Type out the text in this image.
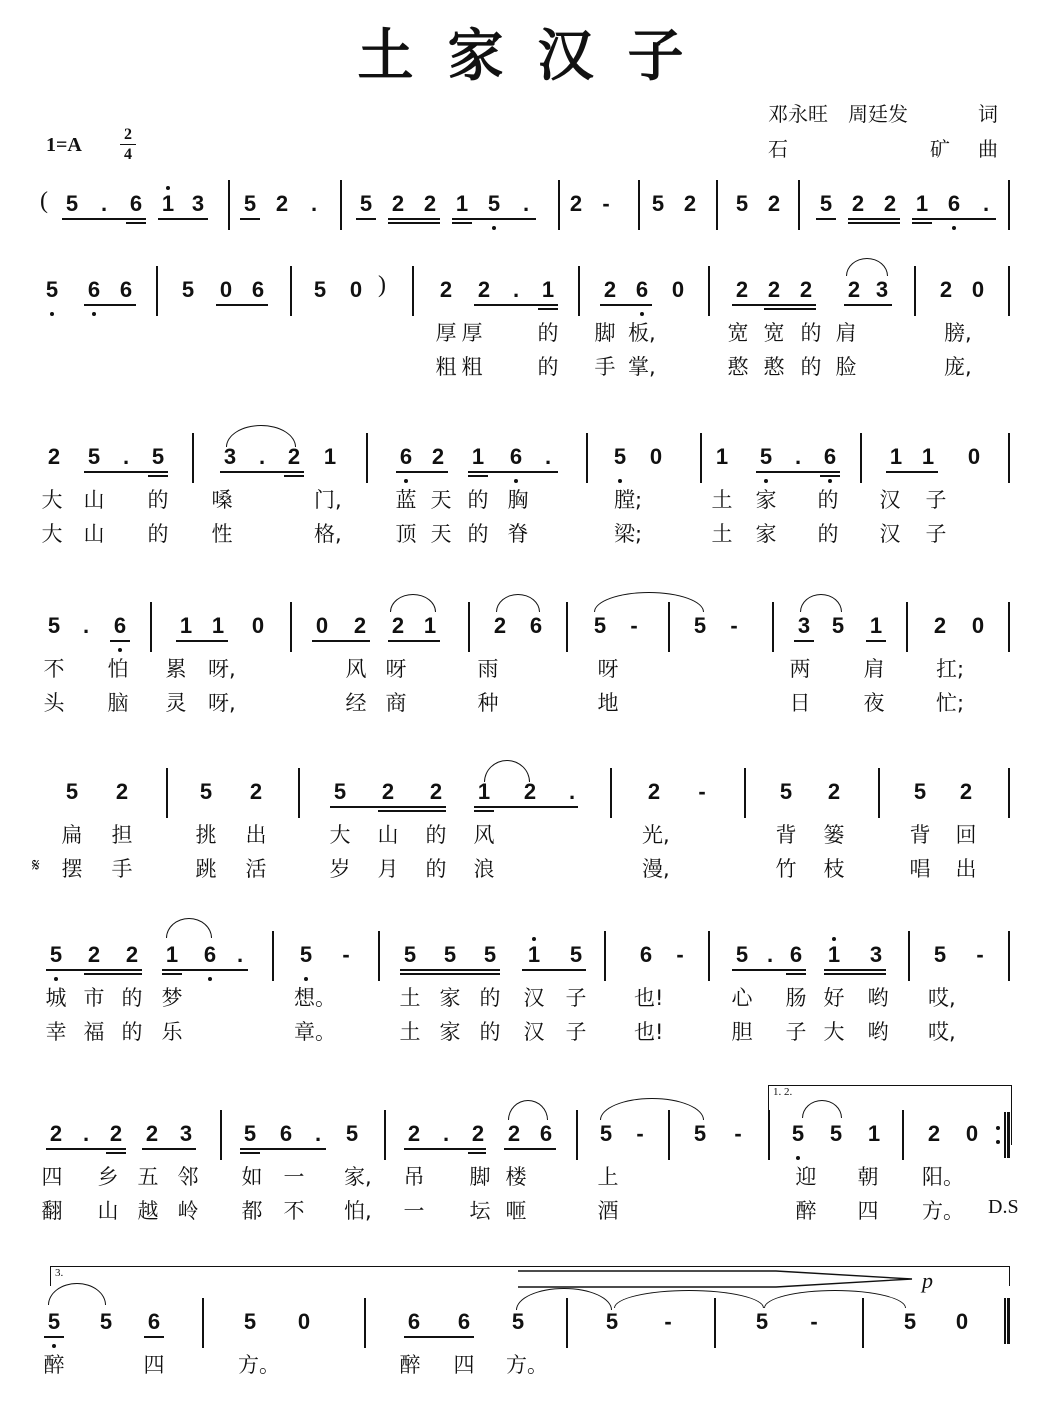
土家汉子
邓永旺　周廷发	词
石	矿 曲
1=A	2
4
5 . 6 1 3 5 2 . 5 2 2 1 5 . 2 - 5 2 5 2 5 2 2 1 6 .
5 6 6 5 0 6 5 0	2 2 . 1 2 6 0 2 2 2 2 3 2 0
厚 厚	的 脚 板,	宽 宽 的 肩	膀,
粗 粗	的 手 掌,	憨 憨 的 脸	庞,
2 5 . 5	3 . 2 1	6 2 1 6 .	5 0 1 5 . 6 1 1 0
大 山 的 嗓	门,	蓝 天 的 胸	膛;	土 家 的 汉 子
大 山 的 性	格,	顶 天 的 脊	梁;	土 家 的 汉 子
5 . 6 1 1 0 0 2 2 1	2 6 5 -	5 -	3 5 1 2 0
不 怕 累 呀,	风 呀	雨	呀	两	肩 扛;
头 脑 灵 呀,	经 商	种	地	日	夜 忙;
5 2	5 2	5 2 2 1 2 .	2 -	5 2	5 2
扁 担	挑 出	大 山 的 风	光,	背 篓	背 回
摆 手	跳 活	岁 月 的 浪	漫,	竹 枝	唱 出
5 2 2 1 6 .	5 - 5 5 5 1 5	6 - 5 . 6 1 3 5 -
城 市 的 梦	想。	土 家 的 汉 子 也!	心 肠 好 哟 哎,
幸 福 的 乐	章。	土 家 的 汉 子 也!	胆 子 大 哟 哎,
2 . 2 2 3 5 6 . 5 2 . 2 2 6 5 - 5 - 5 5 1 2 0
四 乡 五 邻 如 一 家, 吊 脚 楼	上	迎 朝 阳。
翻 山 越 岭 都 不 怕, 一 坛 咂	酒	醉 四 方。
5 5 6	5 0	6 6 5	5 -	5 -	5 0
醉	四	方。	醉 四 方。
(
)
𝄋
D.S
1. 2.
3.	p
